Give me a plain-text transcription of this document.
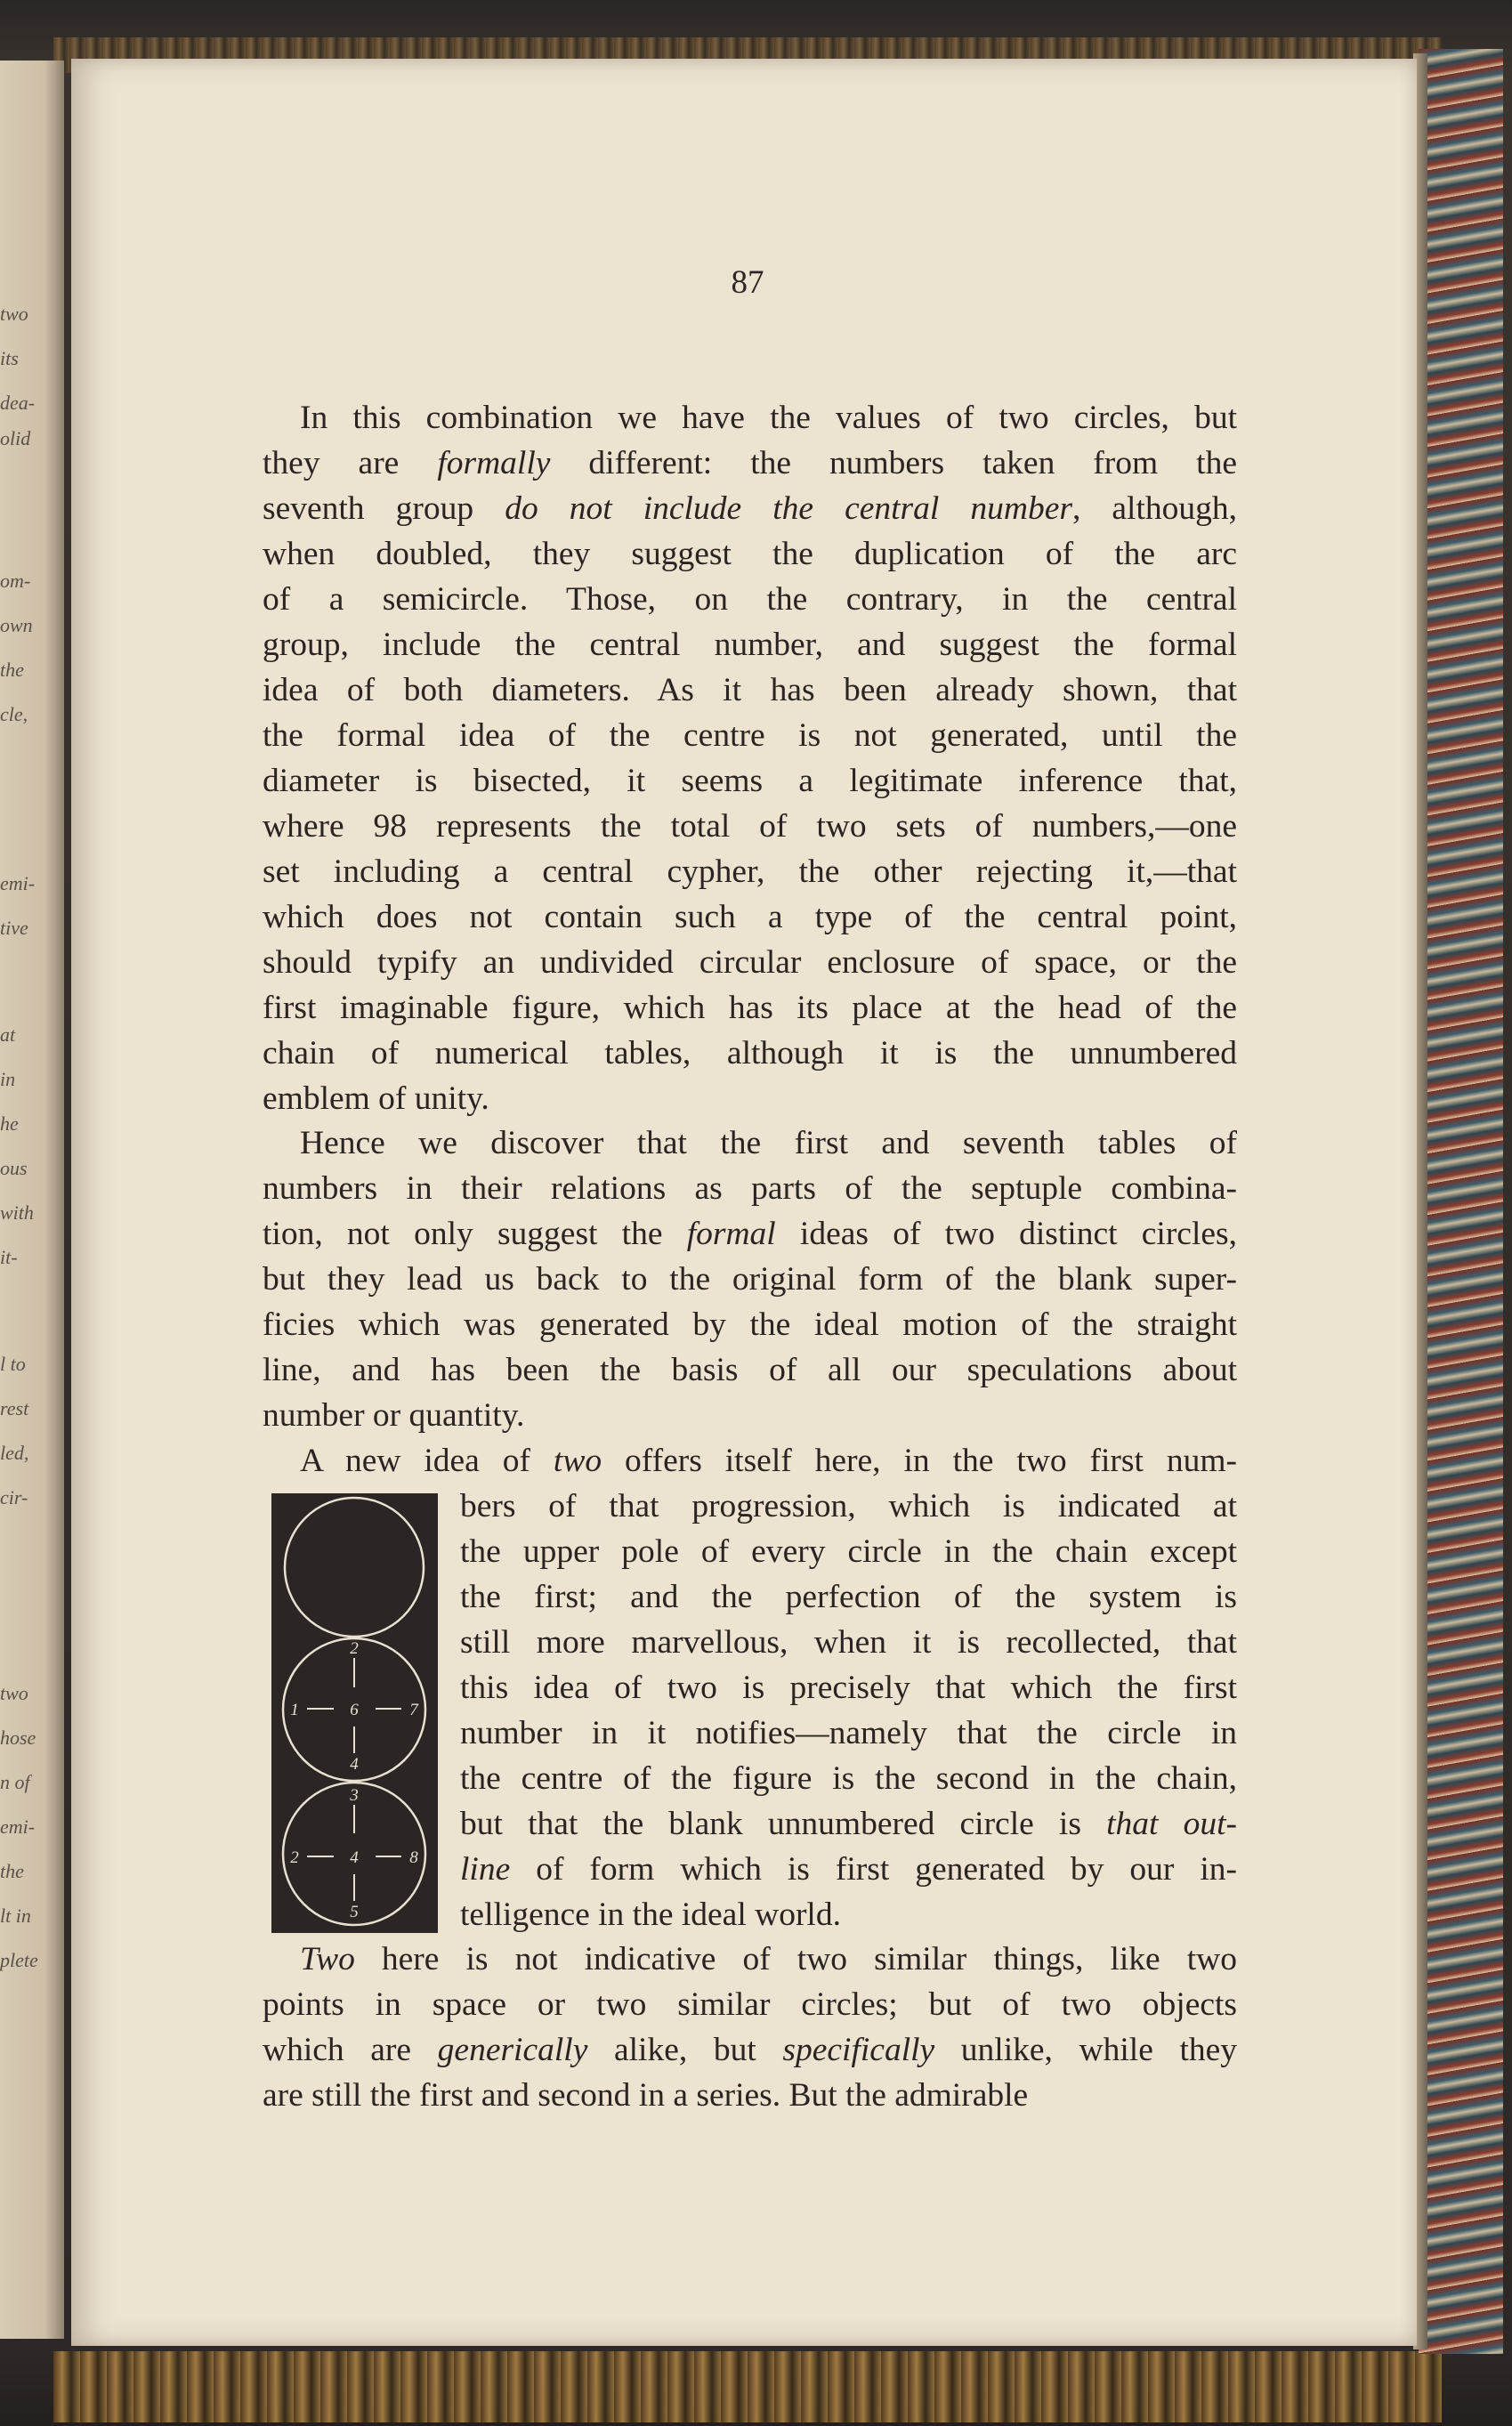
two
its
dea-
olid
om-
own
the
cle,
emi-
tive
at
in
he
ous
with
it-
l to
rest
led,
cir-
two
hose
n of
emi-
the
lt in
plete
87
In this combination we have the values of two circles, but
they are formally different: the numbers taken from the
seventh group do not include the central number, although,
when doubled, they suggest the duplication of the arc
of a semicircle. Those, on the contrary, in the central
group, include the central number, and suggest the formal
idea of both diameters. As it has been already shown, that
the formal idea of the centre is not generated, until the
diameter is bisected, it seems a legitimate inference that,
where 98 represents the total of two sets of numbers,—one
set including a central cypher, the other rejecting it,—that
which does not contain such a type of the central point,
should typify an undivided circular enclosure of space, or the
first imaginable figure, which has its place at the head of the
chain of numerical tables, although it is the unnumbered
emblem of unity.
Hence we discover that the first and seventh tables of
numbers in their relations as parts of the septuple combina-
tion, not only suggest the formal ideas of two distinct circles,
but they lead us back to the original form of the blank super-
ficies which was generated by the ideal motion of the straight
line, and has been the basis of all our speculations about
number or quantity.
A new idea of two offers itself here, in the two first num-
bers of that progression, which is indicated at
the upper pole of every circle in the chain except
the first; and the perfection of the system is
still more marvellous, when it is recollected, that
this idea of two is precisely that which the first
number in it notifies—namely that the circle in
the centre of the figure is the second in the chain,
but that the blank unnumbered circle is that out-
line of form which is first generated by our in-
telligence in the ideal world.
Two here is not indicative of two similar things, like two
points in space or two similar circles; but of two objects
which are generically alike, but specifically unlike, while they
are still the first and second in a series. But the admirable
2
1	6	7
4
3
2	4	8
5
